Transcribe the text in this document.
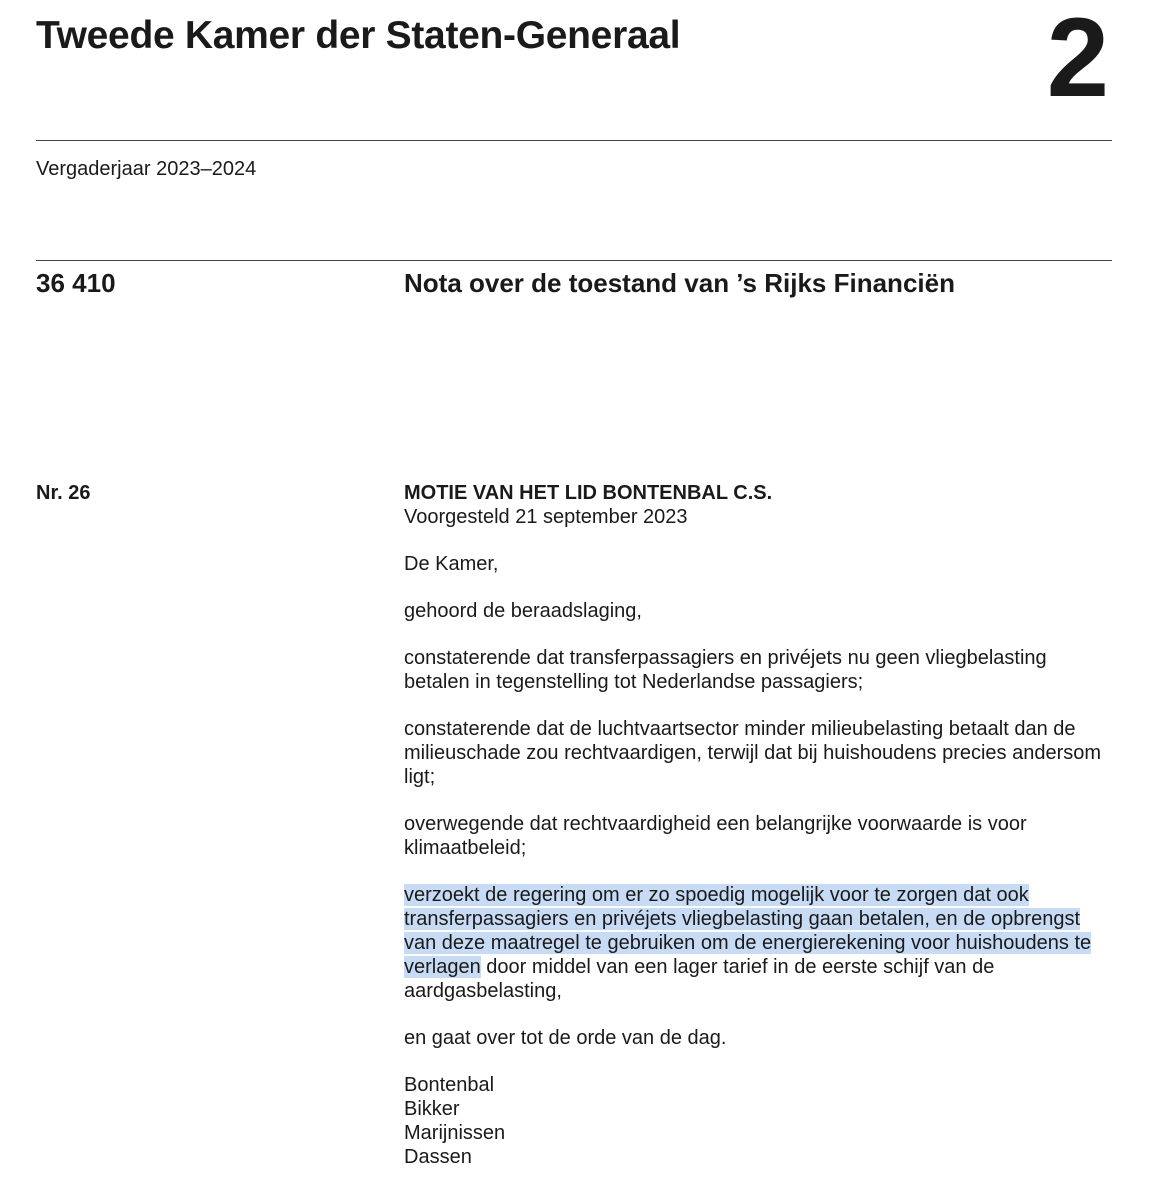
Tweede Kamer der Staten-Generaal	2
Vergaderjaar 2023–2024
36 410	Nota over de toestand van ’s Rijks Financiën
Nr. 26	MOTIE VAN HET LID BONTENBAL C.S.
Voorgesteld 21 september 2023

De Kamer,

gehoord de beraadslaging,

constaterende dat transferpassagiers en privéjets nu geen vliegbelasting betalen in tegenstelling tot Nederlandse passagiers;

constaterende dat de luchtvaartsector minder milieubelasting betaalt dan de milieuschade zou rechtvaardigen, terwijl dat bij huishoudens precies andersom ligt;

overwegende dat rechtvaardigheid een belangrijke voorwaarde is voor klimaatbeleid;

verzoekt de regering om er zo spoedig mogelijk voor te zorgen dat ook transferpassagiers en privéjets vliegbelasting gaan betalen, en de opbrengst van deze maatregel te gebruiken om de energierekening voor huishoudens te verlagen door middel van een lager tarief in de eerste schijf van de aardgasbelasting,

en gaat over tot de orde van de dag.

Bontenbal
Bikker
Marijnissen
Dassen
